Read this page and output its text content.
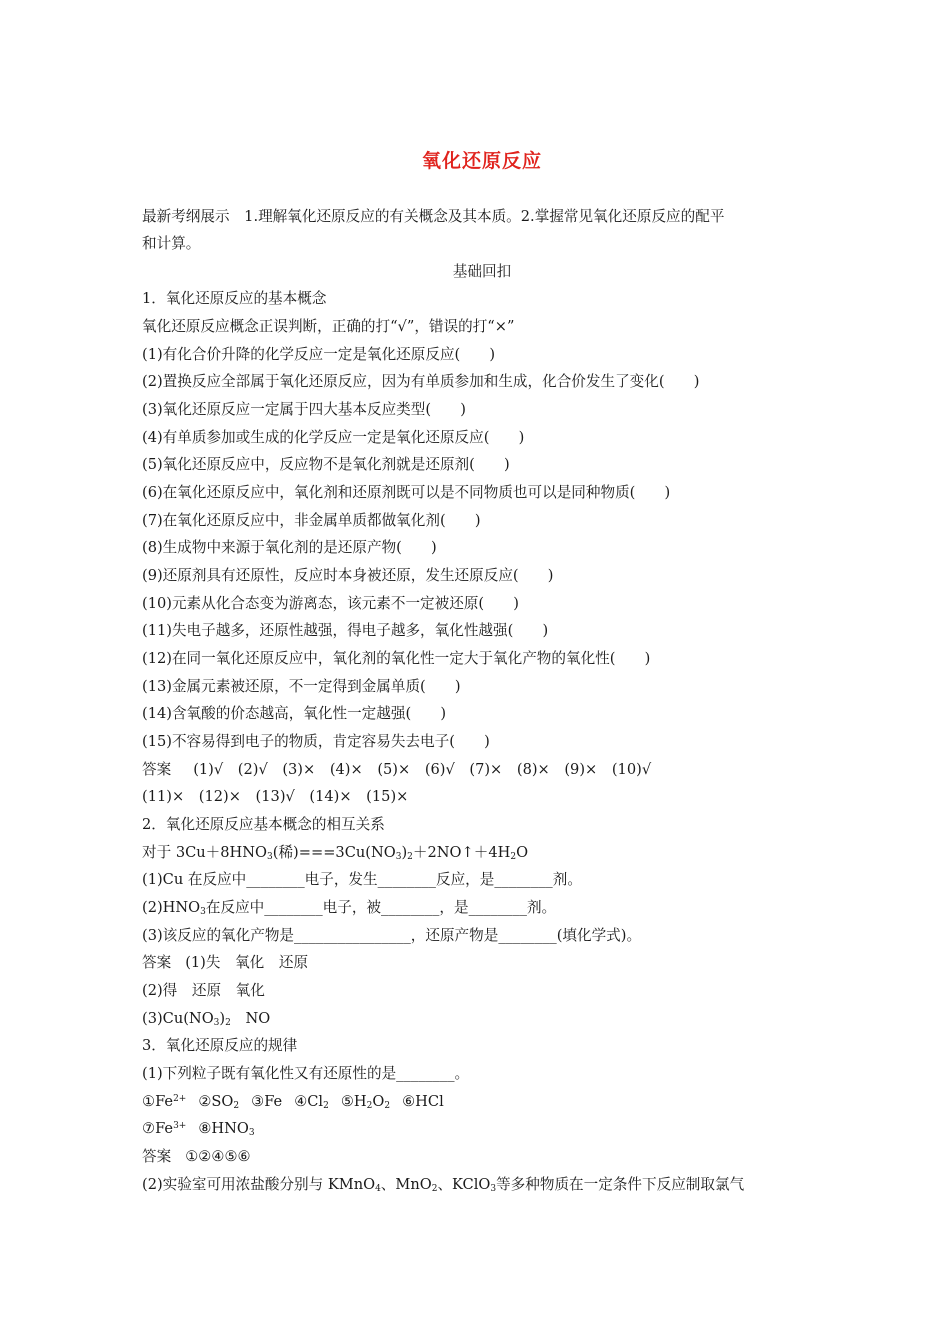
氧化还原反应
最新考纲展示　1.理解氧化还原反应的有关概念及其本质。2.掌握常见氧化还原反应的配平
和计算。
基础回扣
1．氧化还原反应的基本概念
氧化还原反应概念正误判断，正确的打“√”，错误的打“×”
(1)有化合价升降的化学反应一定是氧化还原反应(　　)
(2)置换反应全部属于氧化还原反应，因为有单质参加和生成，化合价发生了变化(　　)
(3)氧化还原反应一定属于四大基本反应类型(　　)
(4)有单质参加或生成的化学反应一定是氧化还原反应(　　)
(5)氧化还原反应中，反应物不是氧化剂就是还原剂(　　)
(6)在氧化还原反应中，氧化剂和还原剂既可以是不同物质也可以是同种物质(　　)
(7)在氧化还原反应中，非金属单质都做氧化剂(　　)
(8)生成物中来源于氧化剂的是还原产物(　　)
(9)还原剂具有还原性，反应时本身被还原，发生还原反应(　　)
(10)元素从化合态变为游离态，该元素不一定被还原(　　)
(11)失电子越多，还原性越强，得电子越多，氧化性越强(　　)
(12)在同一氧化还原反应中，氧化剂的氧化性一定大于氧化产物的氧化性(　　)
(13)金属元素被还原，不一定得到金属单质(　　)
(14)含氧酸的价态越高，氧化性一定越强(　　)
(15)不容易得到电子的物质，肯定容易失去电子(　　)
答案 (1)√　(2)√　(3)×　(4)×　(5)×　(6)√　(7)×　(8)×　(9)×　(10)√
(11)×　(12)×　(13)√　(14)×　(15)×
2．氧化还原反应基本概念的相互关系
对于 $3Cu+8HNO_3$(稀)$===3Cu(NO_3)_2+2NO↑+4H_2O$
(1)Cu 在反应中________电子，发生________反应，是________剂。
$(2)HNO_3$在反应中________电子，被________，是________剂。
(3)该反应的氧化产物是________________，还原产物是________(填化学式)。
答案 (1)失　氧化　还原
(2)得　还原　氧化
$(3)Cu(NO_3)_2$　NO
3．氧化还原反应的规律
(1)下列粒子既有氧化性又有还原性的是________。
$①Fe^{2+}$ $②SO_2$ ③Fe $④Cl_2$ $⑤H_2O_2$ ⑥HCl
$⑦Fe^{3+}$ $⑧HNO_3$
答案 ①②④⑤⑥
(2)实验室可用浓盐酸分别与 KMnO$_4$、MnO$_2$、KClO$_3$等多种物质在一定条件下反应制取氯气
